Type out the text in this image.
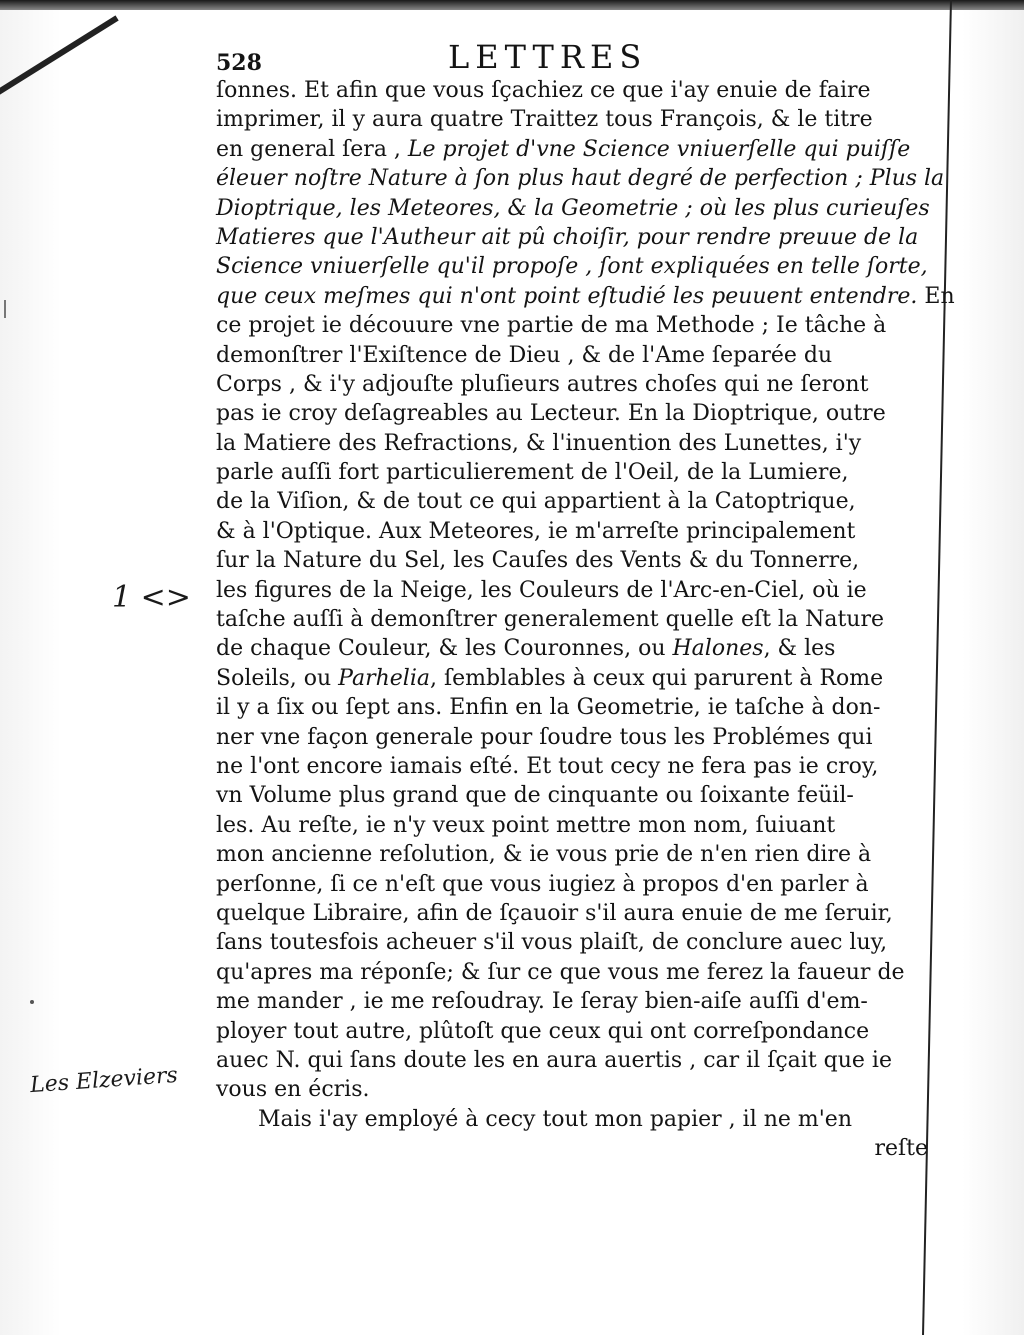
528	LETTRES
ſonnes. Et afin que vous ſçachiez ce que i'ay enuie de faire
imprimer, il y aura quatre Traittez tous François, & le titre
en general ſera , Le projet d'vne Science vniuerſelle qui puiſſe
éleuer noſtre Nature à ſon plus haut degré de perfection ; Plus la
Dioptrique, les Meteores, & la Geometrie ; où les plus curieuſes
Matieres que l'Autheur ait pû choiſir, pour rendre preuue de la
Science vniuerſelle qu'il propoſe , ſont expliquées en telle ſorte,
que ceux meſmes qui n'ont point eſtudié les peuuent entendre. En
ce projet ie découure vne partie de ma Methode ; Ie tâche à
demonſtrer l'Exiſtence de Dieu , & de l'Ame ſeparée du
Corps , & i'y adjouſte pluſieurs autres choſes qui ne ſeront
pas ie croy deſagreables au Lecteur. En la Dioptrique, outre
la Matiere des Refractions, & l'inuention des Lunettes, i'y
parle auſſi fort particulierement de l'Oeil, de la Lumiere,
de la Viſion, & de tout ce qui appartient à la Catoptrique,
& à l'Optique. Aux Meteores, ie m'arreſte principalement
ſur la Nature du Sel, les Cauſes des Vents & du Tonnerre,
les figures de la Neige, les Couleurs de l'Arc-en-Ciel, où ie
taſche auſſi à demonſtrer generalement quelle eſt la Nature
de chaque Couleur, & les Couronnes, ou Halones, & les
Soleils, ou Parhelia, ſemblables à ceux qui parurent à Rome
il y a ſix ou ſept ans. Enfin en la Geometrie, ie taſche à don-
ner vne façon generale pour ſoudre tous les Problémes qui
ne l'ont encore iamais eſté. Et tout cecy ne fera pas ie croy,
vn Volume plus grand que de cinquante ou ſoixante feüil-
les. Au reſte, ie n'y veux point mettre mon nom, ſuiuant
mon ancienne reſolution, & ie vous prie de n'en rien dire à
perſonne, ſi ce n'eſt que vous iugiez à propos d'en parler à
quelque Libraire, afin de ſçauoir s'il aura enuie de me ſeruir,
ſans toutesfois acheuer s'il vous plaiſt, de conclure auec luy,
qu'apres ma réponſe; & ſur ce que vous me ferez la faueur de
me mander , ie me reſoudray. Ie ſeray bien-aiſe auſſi d'em-
ployer tout autre, plûtoſt que ceux qui ont correſpondance
auec N. qui ſans doute les en aura auertis , car il ſçait que ie
vous en écris.
Mais i'ay employé à cecy tout mon papier , il ne m'en
reſte
1 <>
Les Elzeviers
